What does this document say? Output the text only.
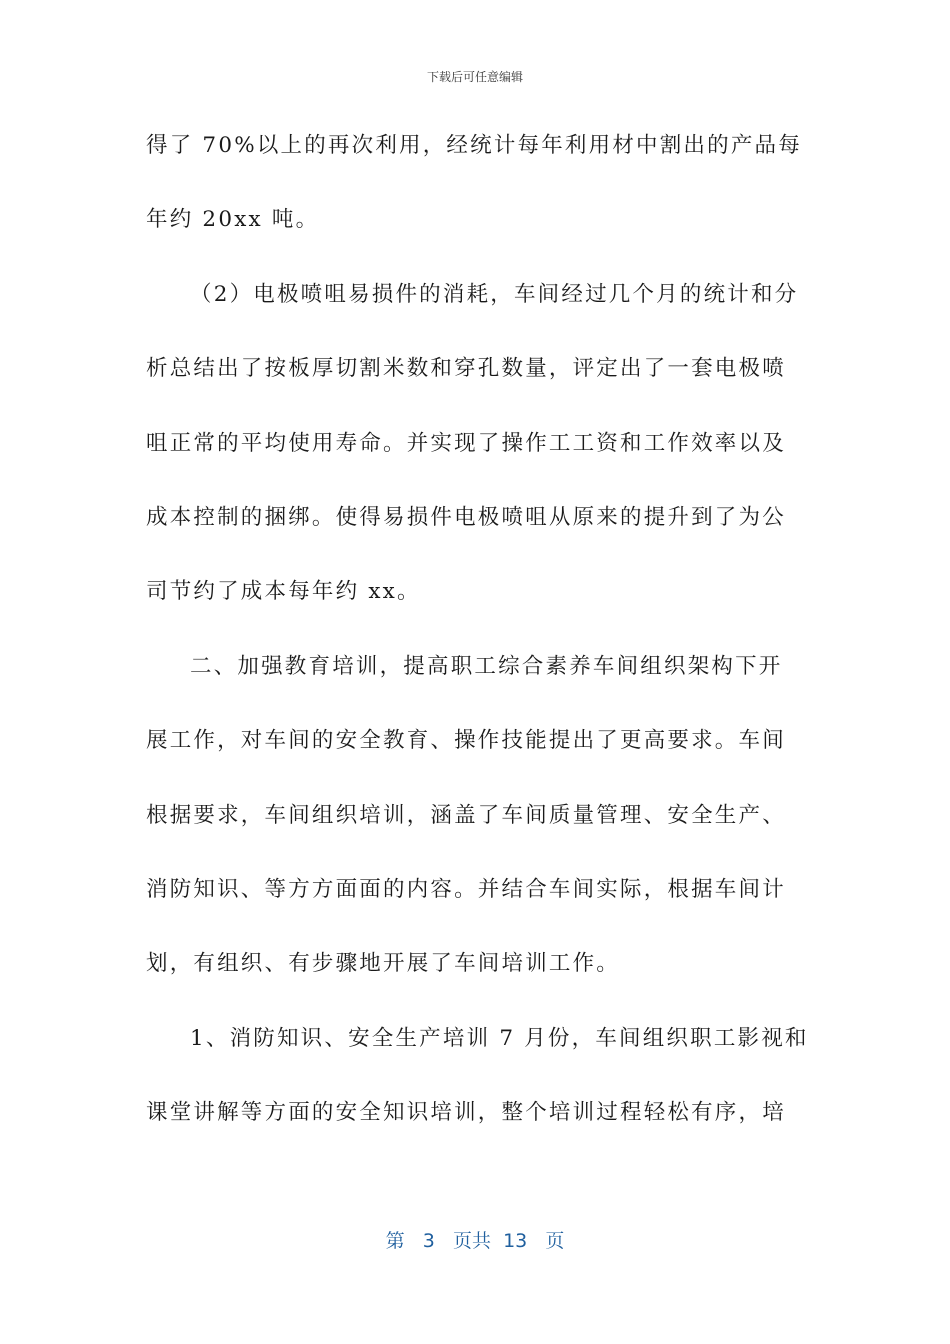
下载后可任意编辑
得了 70%以上的再次利用，经统计每年利用材中割出的产品每
年约 20xx 吨。
（2）电极喷咀易损件的消耗，车间经过几个月的统计和分
析总结出了按板厚切割米数和穿孔数量，评定出了一套电极喷
咀正常的平均使用寿命。并实现了操作工工资和工作效率以及
成本控制的捆绑。使得易损件电极喷咀从原来的提升到了为公
司节约了成本每年约 xx。
二、加强教育培训，提高职工综合素养车间组织架构下开
展工作，对车间的安全教育、操作技能提出了更高要求。车间
根据要求，车间组织培训，涵盖了车间质量管理、安全生产、
消防知识、等方方面面的内容。并结合车间实际，根据车间计
划，有组织、有步骤地开展了车间培训工作。
1、消防知识、安全生产培训 7 月份，车间组织职工影视和
课堂讲解等方面的安全知识培训，整个培训过程轻松有序，培
第 3 页共 13 页
